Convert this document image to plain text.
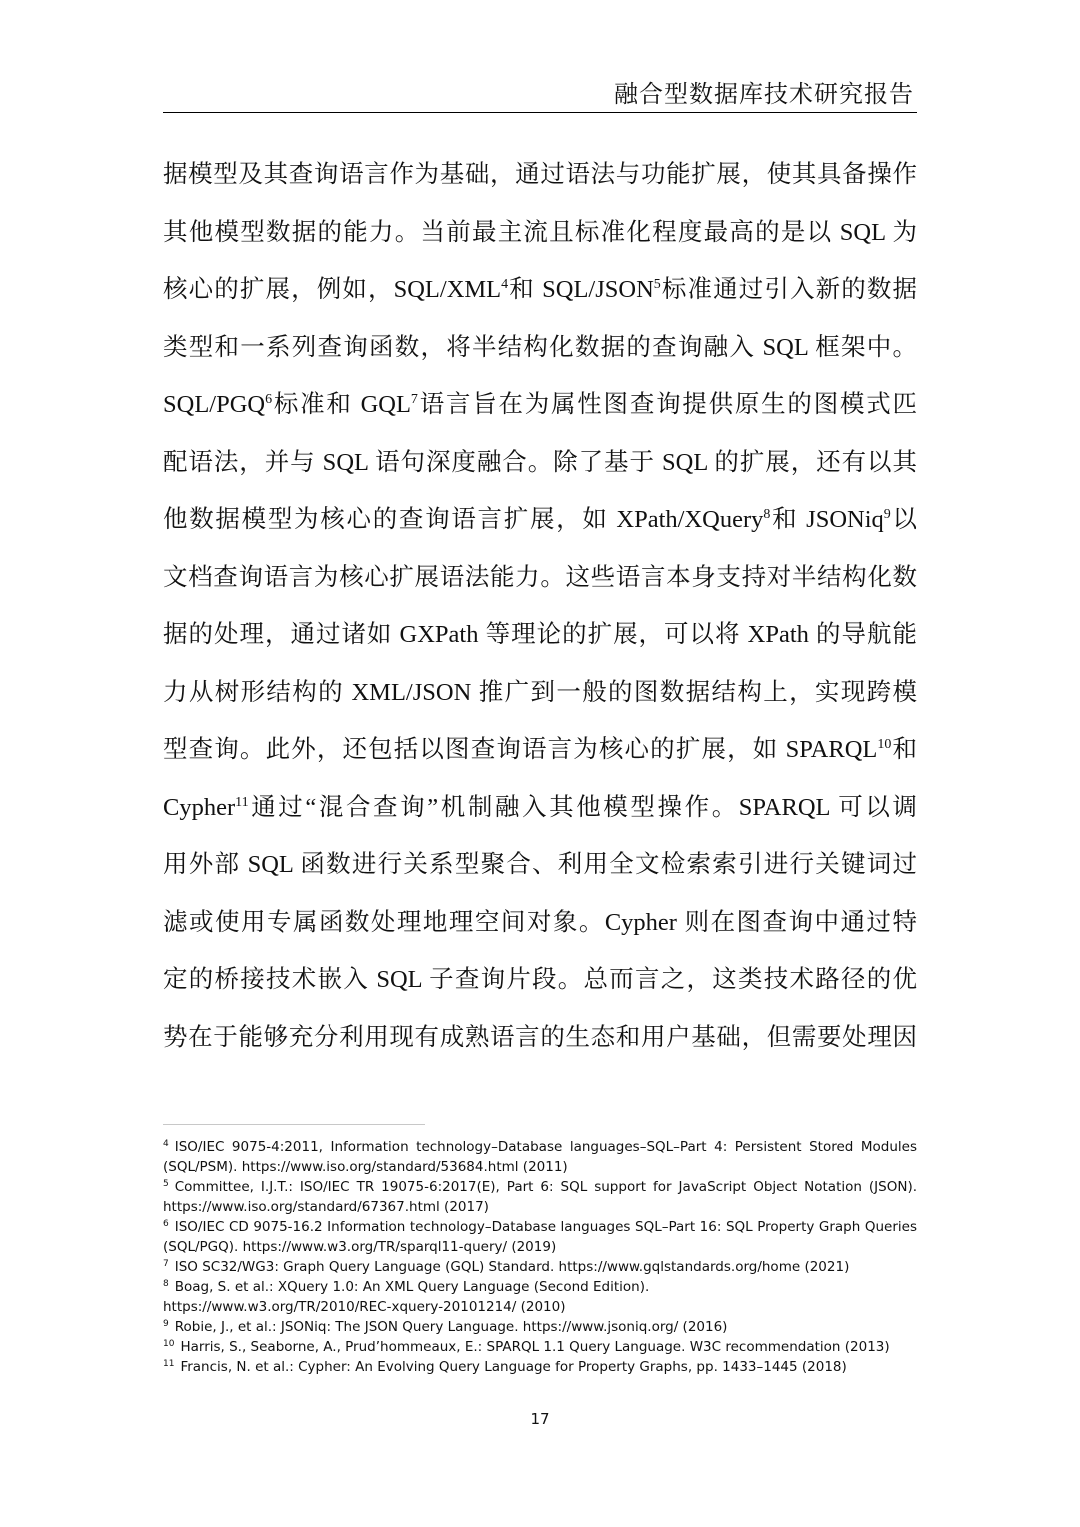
融合型数据库技术研究报告
据模型及其查询语言作为基础，通过语法与功能扩展，使其具备操作
其他模型数据的能力。当前最主流且标准化程度最高的是以 SQL 为
核心的扩展，例如，SQL/XML$^4$和 SQL/JSON$^5$标准通过引入新的数据
类型和一系列查询函数，将半结构化数据的查询融入 SQL 框架中。
SQL/PGQ$^6$标准和 GQL$^7$语言旨在为属性图查询提供原生的图模式匹
配语法，并与 SQL 语句深度融合。除了基于 SQL 的扩展，还有以其
他数据模型为核心的查询语言扩展，如 XPath/XQuery$^8$和 JSONiq$^9$以
文档查询语言为核心扩展语法能力。这些语言本身支持对半结构化数
据的处理，通过诸如 GXPath 等理论的扩展，可以将 XPath 的导航能
力从树形结构的 XML/JSON 推广到一般的图数据结构上，实现跨模
型查询。此外，还包括以图查询语言为核心的扩展，如 SPARQL$^{10}$和
Cypher$^{11}$通过“混合查询”机制融入其他模型操作。SPARQL 可以调
用外部 SQL 函数进行关系型聚合、利用全文检索索引进行关键词过
滤或使用专属函数处理地理空间对象。Cypher 则在图查询中通过特
定的桥接技术嵌入 SQL 子查询片段。总而言之，这类技术路径的优
势在于能够充分利用现有成熟语言的生态和用户基础，但需要处理因
$^4$ ISO/IEC 9075-4:2011, Information technology–Database languages–SQL–Part 4: Persistent Stored Modules
(SQL/PSM). https://www.iso.org/standard/53684.html (2011)
$^5$ Committee, I.J.T.: ISO/IEC TR 19075-6:2017(E), Part 6: SQL support for JavaScript Object Notation (JSON).
https://www.iso.org/standard/67367.html (2017)
$^6$ ISO/IEC CD 9075-16.2 Information technology–Database languages SQL–Part 16: SQL Property Graph Queries
(SQL/PGQ). https://www.w3.org/TR/sparql11-query/ (2019)
$^7$ ISO SC32/WG3: Graph Query Language (GQL) Standard. https://www.gqlstandards.org/home (2021)
$^8$ Boag, S. et al.: XQuery 1.0: An XML Query Language (Second Edition).
https://www.w3.org/TR/2010/REC-xquery-20101214/ (2010)
$^9$ Robie, J., et al.: JSONiq: The JSON Query Language. https://www.jsoniq.org/ (2016)
$^{10}$ Harris, S., Seaborne, A., Prud’hommeaux, E.: SPARQL 1.1 Query Language. W3C recommendation (2013)
$^{11}$ Francis, N. et al.: Cypher: An Evolving Query Language for Property Graphs, pp. 1433–1445 (2018)
17
